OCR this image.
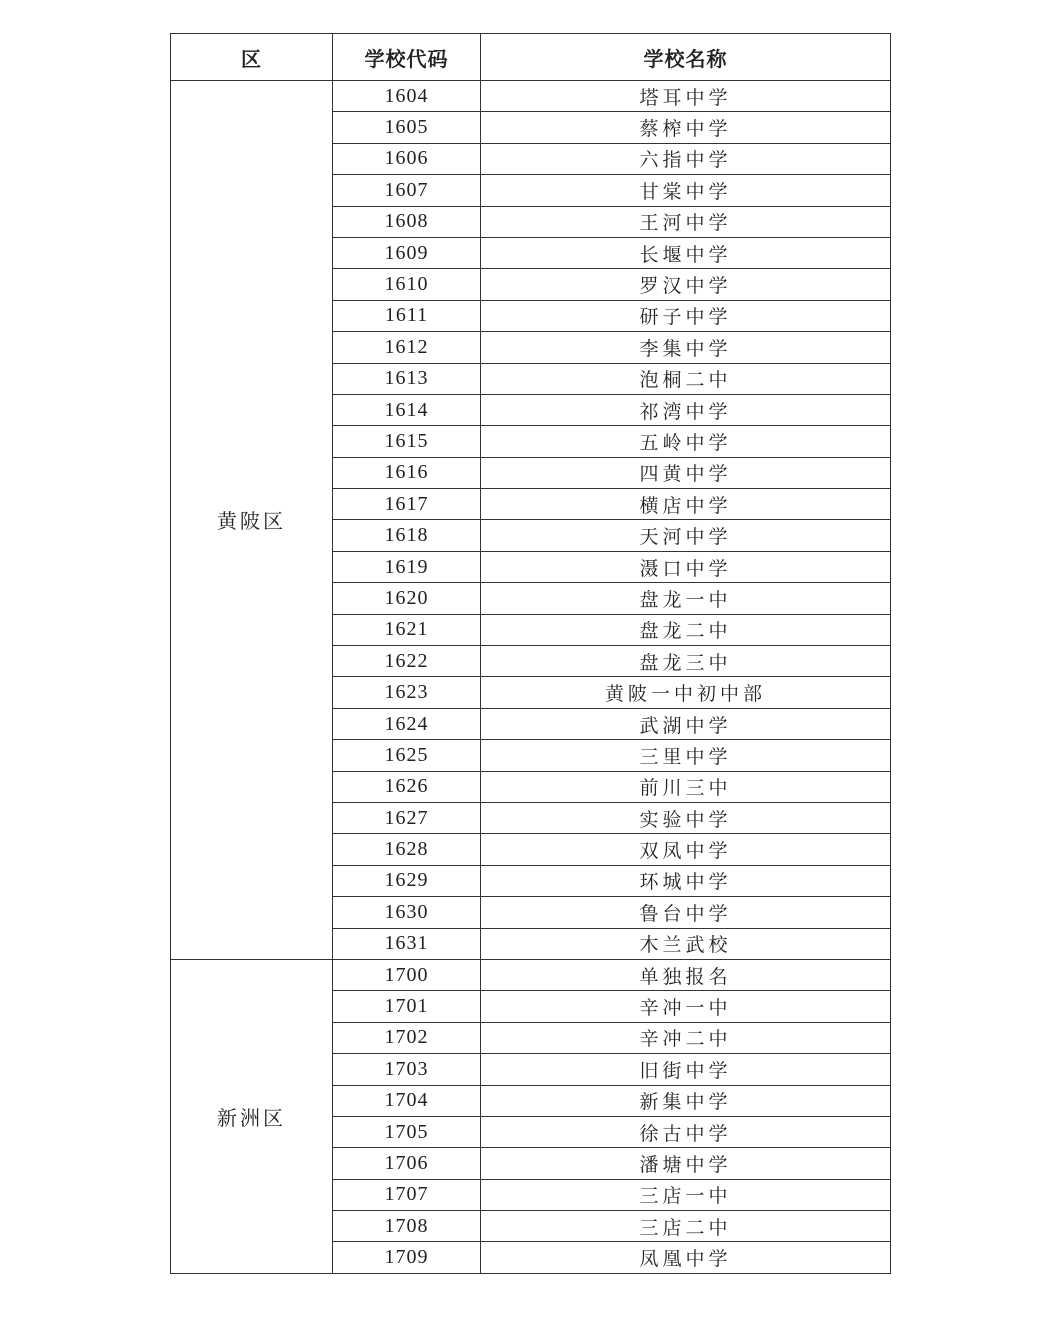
区	学校代码	学校名称
黄陂区	1604	塔耳中学
	1605	蔡榨中学
	1606	六指中学
	1607	甘棠中学
	1608	王河中学
	1609	长堰中学
	1610	罗汉中学
	1611	研子中学
	1612	李集中学
	1613	泡桐二中
	1614	祁湾中学
	1615	五岭中学
	1616	四黄中学
	1617	横店中学
	1618	天河中学
	1619	滠口中学
	1620	盘龙一中
	1621	盘龙二中
	1622	盘龙三中
	1623	黄陂一中初中部
	1624	武湖中学
	1625	三里中学
	1626	前川三中
	1627	实验中学
	1628	双凤中学
	1629	环城中学
	1630	鲁台中学
	1631	木兰武校
新洲区	1700	单独报名
	1701	辛冲一中
	1702	辛冲二中
	1703	旧街中学
	1704	新集中学
	1705	徐古中学
	1706	潘塘中学
	1707	三店一中
	1708	三店二中
	1709	凤凰中学
